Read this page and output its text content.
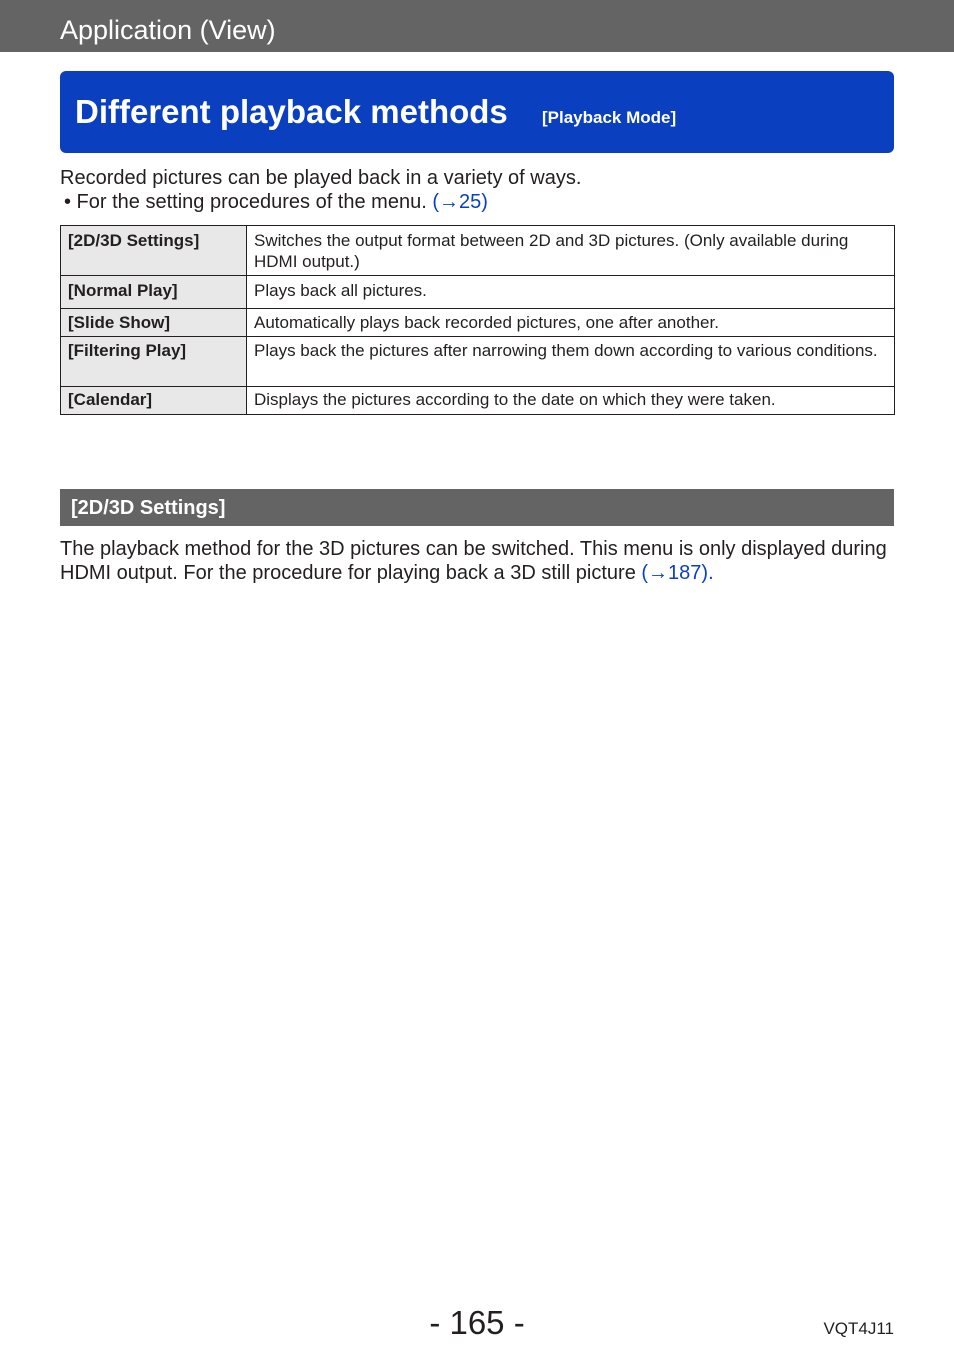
Application (View)
Different playback methods [Playback Mode]
Recorded pictures can be played back in a variety of ways.
• For the setting procedures of the menu. (→25)
[2D/3D Settings]	Switches the output format between 2D and 3D pictures. (Only available during HDMI output.)
[Normal Play]	Plays back all pictures.
[Slide Show]	Automatically plays back recorded pictures, one after another.
[Filtering Play]	Plays back the pictures after narrowing them down according to various conditions.
[Calendar]	Displays the pictures according to the date on which they were taken.
[2D/3D Settings]
The playback method for the 3D pictures can be switched. This menu is only displayed during HDMI output. For the procedure for playing back a 3D still picture (→187).
- 165 -	VQT4J11
